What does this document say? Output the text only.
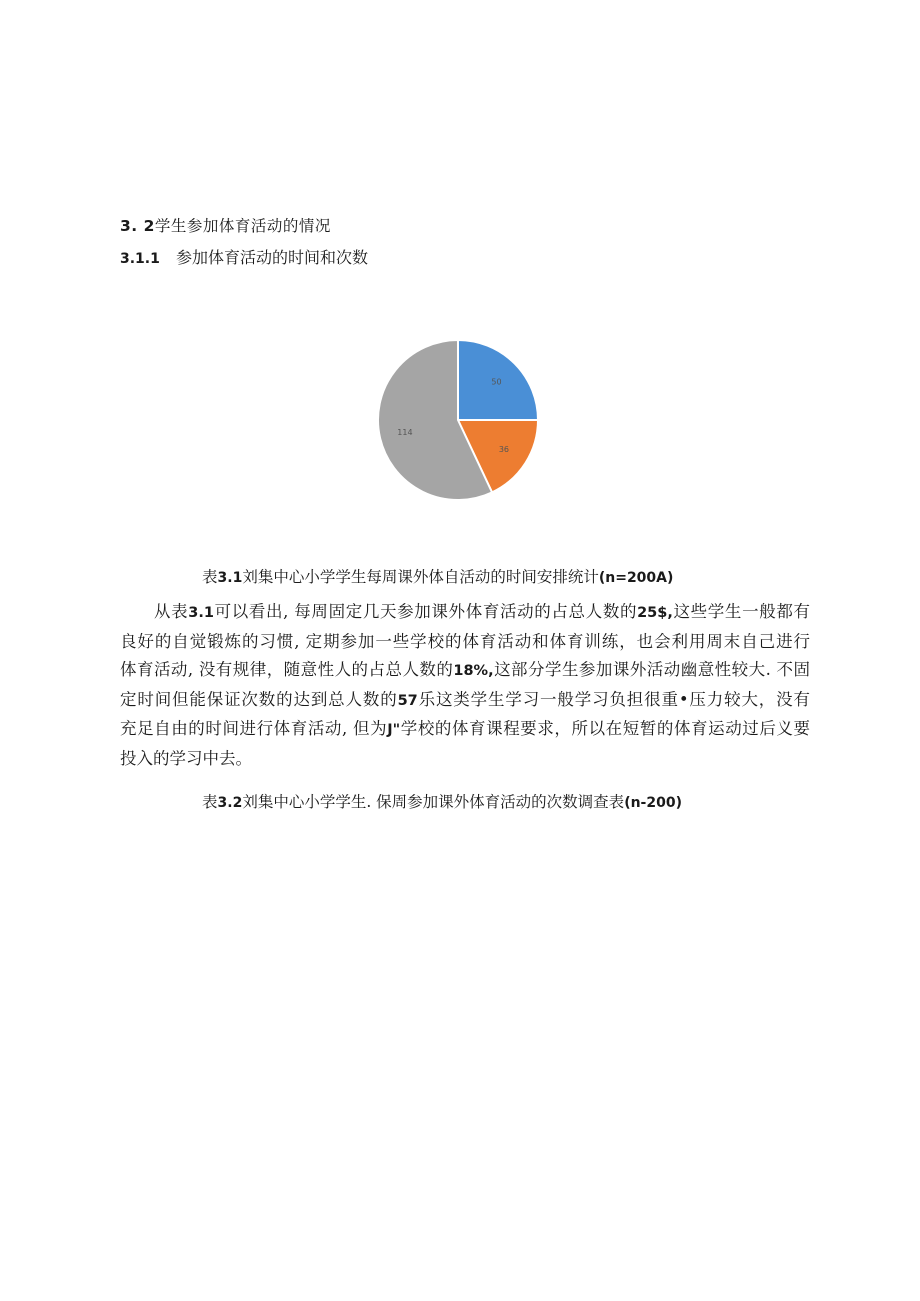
3. 2学生参加体育活动的情况
3.1.1 参加体育活动的时间和次数
50
36
114
表3.1刘集中心小学学生每周课外体自活动的时间安排统计(n=200A)
从表3.1可以看出, 每周固定几天参加课外体育活动的占总人数的25$,这些学生一般都有
良好的自觉锻炼的习惯, 定期参加一些学校的体育活动和体育训练，也会利用周末自己进行
体育活动, 没有规律，随意性人的占总人数的18%,这部分学生参加课外活动幽意性较大. 不固
定时间但能保证次数的达到总人数的57乐这类学生学习一般学习负担很重•压力较大，没有
充足自由的时间进行体育活动, 但为J"学校的体育课程要求，所以在短暂的体育运动过后义要
投入的学习中去。
表3.2刘集中心小学学生. 保周参加课外体育活动的次数调查表(n-200)
